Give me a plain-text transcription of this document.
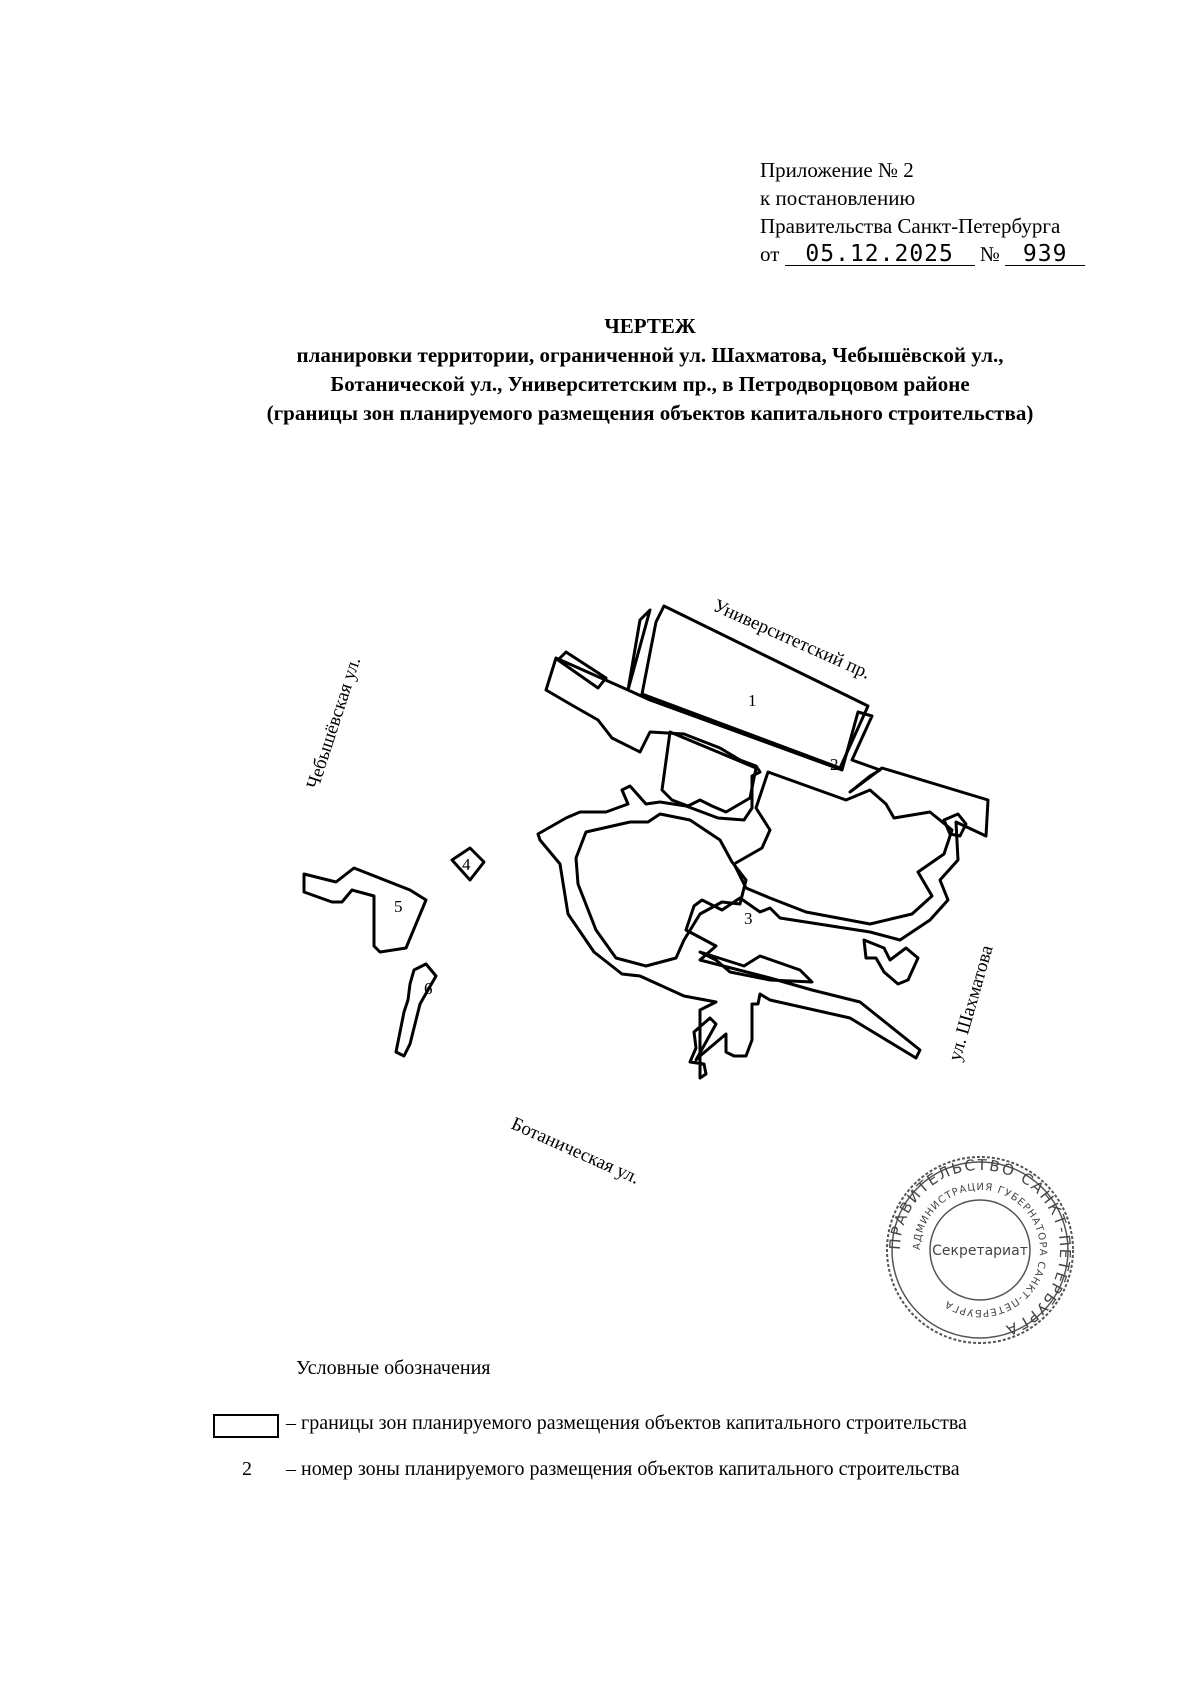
Приложение № 2
к постановлению
Правительства Санкт-Петербурга
от 05.12.2025 № 939
ЧЕРТЕЖ
планировки территории, ограниченной ул. Шахматова, Чебышёвской ул.,
Ботанической ул., Университетским пр., в Петродворцовом районе
(границы зон планируемого размещения объектов капитального строительства)
1
2
3
4
5
6
Университетский пр.
Чебышёвская ул.
ул. Шахматова
Ботаническая ул.
ПРАВИТЕЛЬСТВО САНКТ-ПЕТЕРБУРГА
АДМИНИСТРАЦИЯ ГУБЕРНАТОРА САНКТ-ПЕТЕРБУРГА
Секретариат
Условные обозначения
– границы зон планируемого размещения объектов капитального строительства
2 – номер зоны планируемого размещения объектов капитального строительства
